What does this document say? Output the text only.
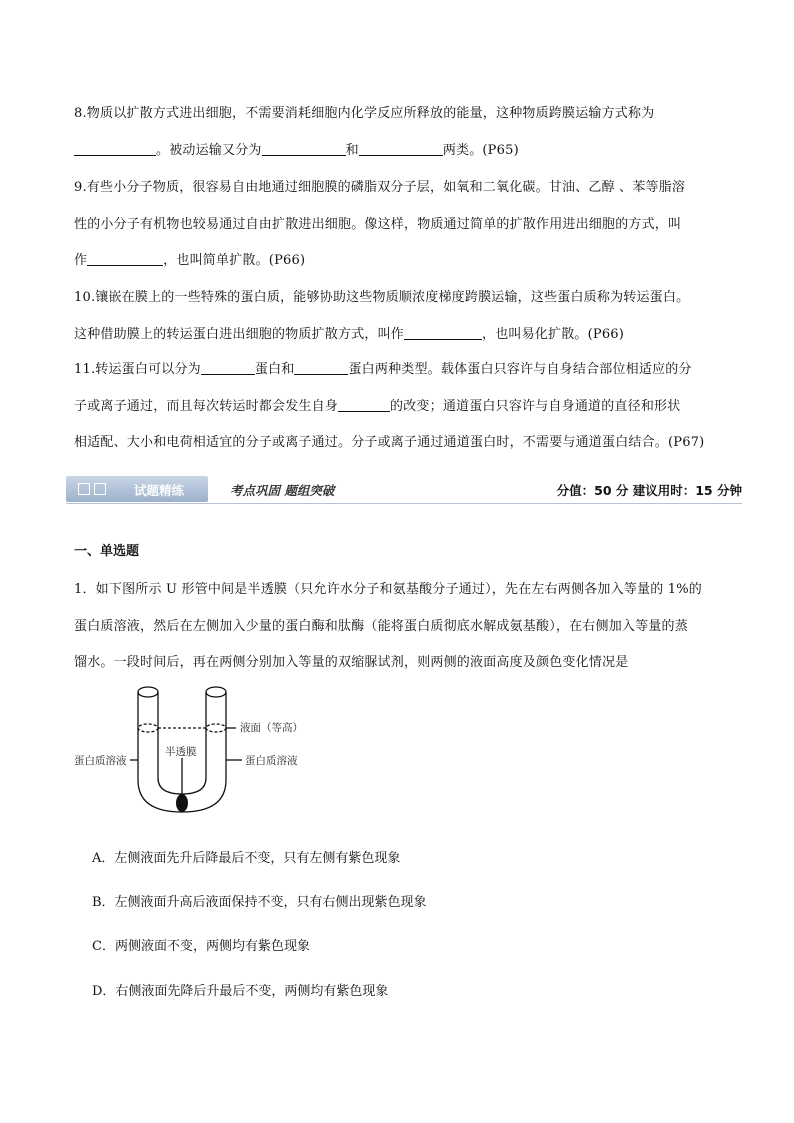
8.物质以扩散方式进出细胞，不需要消耗细胞内化学反应所释放的能量，这种物质跨膜运输方式称为
。被动运输又分为	和	两类。(P65)
9.有些小分子物质，很容易自由地通过细胞膜的磷脂双分子层，如氧和二氧化碳。甘油、乙醇 、苯等脂溶
性的小分子有机物也较易通过自由扩散进出细胞。像这样，物质通过简单的扩散作用进出细胞的方式，叫
作	，也叫简单扩散。(P66)
10.镶嵌在膜上的一些特殊的蛋白质，能够协助这些物质顺浓度梯度跨膜运输，这些蛋白质称为转运蛋白。
这种借助膜上的转运蛋白进出细胞的物质扩散方式，叫作	，也叫易化扩散。(P66)
11.转运蛋白可以分为	蛋白和	蛋白两种类型。载体蛋白只容许与自身结合部位相适应的分
子或离子通过，而且每次转运时都会发生自身	的改变；通道蛋白只容许与自身通道的直径和形状
相适配、大小和电荷相适宜的分子或离子通过。分子或离子通过通道蛋白时，不需要与通道蛋白结合。(P67)
试题精练	考点巩固 题组突破	分值：50 分 建议用时：15 分钟
一、单选题
1．如下图所示 U 形管中间是半透膜（只允许水分子和氨基酸分子通过），先在左右两侧各加入等量的 1%的
蛋白质溶液，然后在左侧加入少量的蛋白酶和肽酶（能将蛋白质彻底水解成氨基酸），在右侧加入等量的蒸
馏水。一段时间后，再在两侧分别加入等量的双缩脲试剂，则两侧的液面高度及颜色变化情况是
液面（等高）
半透膜
蛋白质溶液	蛋白质溶液
A．左侧液面先升后降最后不变，只有左侧有紫色现象
B．左侧液面升高后液面保持不变，只有右侧出现紫色现象
C．两侧液面不变，两侧均有紫色现象
D．右侧液面先降后升最后不变，两侧均有紫色现象
